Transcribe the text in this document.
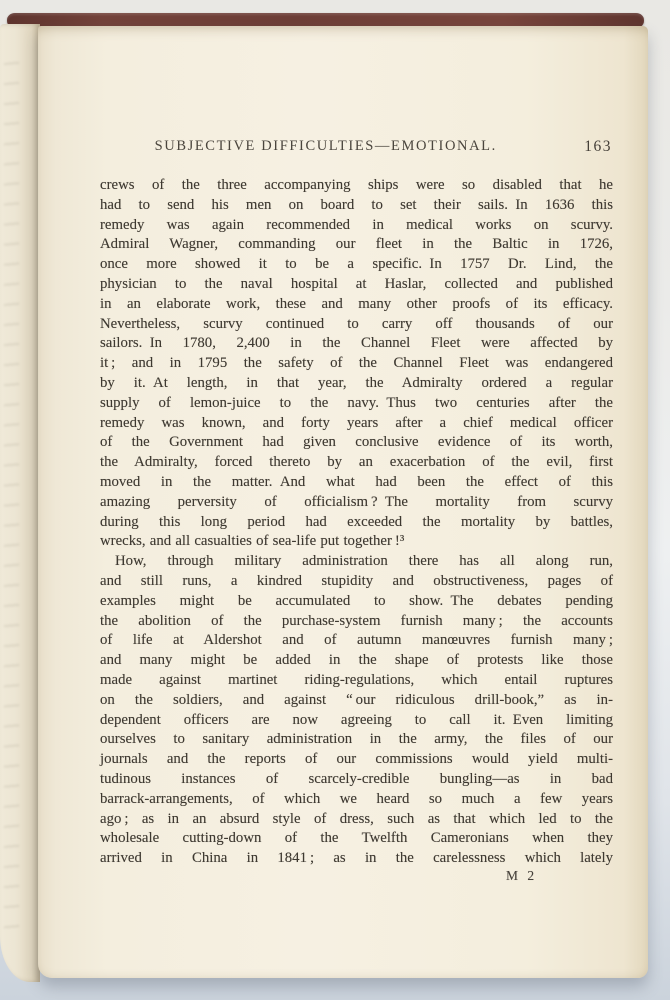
SUBJECTIVE DIFFICULTIES—EMOTIONAL.	163
crews of the three accompanying ships were so disabled that he
had to send his men on board to set their sails. In 1636 this
remedy was again recommended in medical works on scurvy.
Admiral Wagner, commanding our fleet in the Baltic in 1726,
once more showed it to be a specific. In 1757 Dr. Lind, the
physician to the naval hospital at Haslar, collected and published
in an elaborate work, these and many other proofs of its efficacy.
Nevertheless, scurvy continued to carry off thousands of our
sailors. In 1780, 2,400 in the Channel Fleet were affected by
it ; and in 1795 the safety of the Channel Fleet was endangered
by it. At length, in that year, the Admiralty ordered a regular
supply of lemon-juice to the navy. Thus two centuries after the
remedy was known, and forty years after a chief medical officer
of the Government had given conclusive evidence of its worth,
the Admiralty, forced thereto by an exacerbation of the evil, first
moved in the matter. And what had been the effect of this
amazing perversity of officialism ? The mortality from scurvy
during this long period had exceeded the mortality by battles,
wrecks, and all casualties of sea-life put together !³
How, through military administration there has all along run,
and still runs, a kindred stupidity and obstructiveness, pages of
examples might be accumulated to show. The debates pending
the abolition of the purchase-system furnish many ; the accounts
of life at Aldershot and of autumn manœuvres furnish many ;
and many might be added in the shape of protests like those
made against martinet riding-regulations, which entail ruptures
on the soldiers, and against “ our ridiculous drill-book,” as in-
dependent officers are now agreeing to call it. Even limiting
ourselves to sanitary administration in the army, the files of our
journals and the reports of our commissions would yield multi-
tudinous instances of scarcely-credible bungling—as in bad
barrack-arrangements, of which we heard so much a few years
ago ; as in an absurd style of dress, such as that which led to the
wholesale cutting-down of the Twelfth Cameronians when they
arrived in China in 1841 ; as in the carelessness which lately
M 2
